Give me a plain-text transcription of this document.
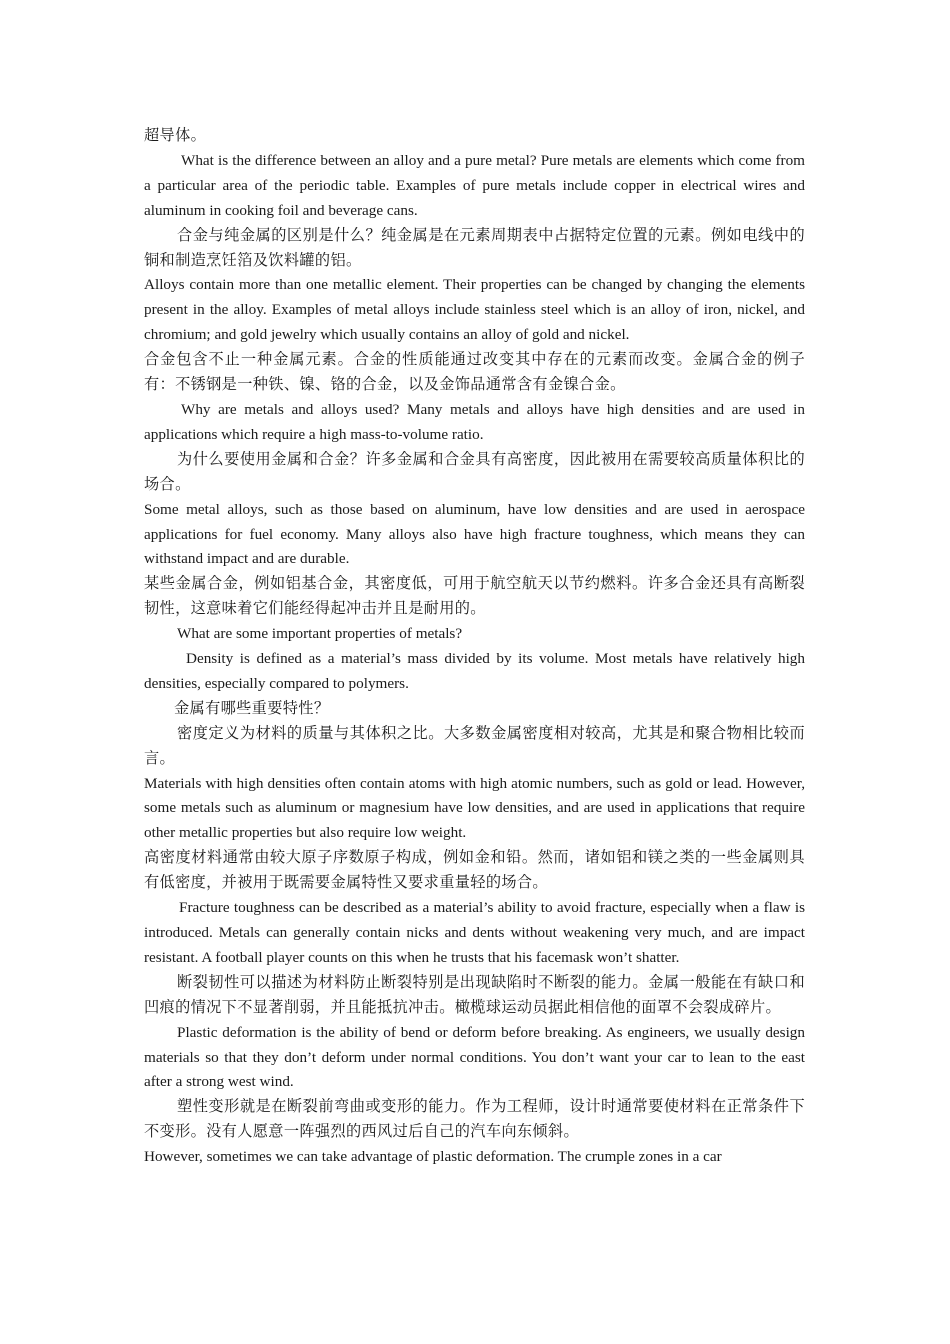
超导体。

What is the difference between an alloy and a pure metal? Pure metals are elements which come from a particular area of the periodic table. Examples of pure metals include copper in electrical wires and aluminum in cooking foil and beverage cans.

合金与纯金属的区别是什么？纯金属是在元素周期表中占据特定位置的元素。例如电线中的铜和制造烹饪箔及饮料罐的铝。

Alloys contain more than one metallic element. Their properties can be changed by changing the elements present in the alloy. Examples of metal alloys include stainless steel which is an alloy of iron, nickel, and chromium; and gold jewelry which usually contains an alloy of gold and nickel.

合金包含不止一种金属元素。合金的性质能通过改变其中存在的元素而改变。金属合金的例子有：不锈钢是一种铁、镍、铬的合金，以及金饰品通常含有金镍合金。

Why are metals and alloys used? Many metals and alloys have high densities and are used in applications which require a high mass-to-volume ratio.

为什么要使用金属和合金？许多金属和合金具有高密度，因此被用在需要较高质量体积比的场合。

Some metal alloys, such as those based on aluminum, have low densities and are used in aerospace applications for fuel economy. Many alloys also have high fracture toughness, which means they can withstand impact and are durable.

某些金属合金，例如铝基合金，其密度低，可用于航空航天以节约燃料。许多合金还具有高断裂韧性，这意味着它们能经得起冲击并且是耐用的。

What are some important properties of metals?

Density is defined as a material’s mass divided by its volume. Most metals have relatively high densities, especially compared to polymers.

金属有哪些重要特性？

密度定义为材料的质量与其体积之比。大多数金属密度相对较高，尤其是和聚合物相比较而言。

Materials with high densities often contain atoms with high atomic numbers, such as gold or lead. However, some metals such as aluminum or magnesium have low densities, and are used in applications that require other metallic properties but also require low weight.

高密度材料通常由较大原子序数原子构成，例如金和铅。然而，诸如铝和镁之类的一些金属则具有低密度，并被用于既需要金属特性又要求重量轻的场合。

Fracture toughness can be described as a material’s ability to avoid fracture, especially when a flaw is introduced. Metals can generally contain nicks and dents without weakening very much, and are impact resistant. A football player counts on this when he trusts that his facemask won’t shatter.

断裂韧性可以描述为材料防止断裂特别是出现缺陷时不断裂的能力。金属一般能在有缺口和凹痕的情况下不显著削弱，并且能抵抗冲击。橄榄球运动员据此相信他的面罩不会裂成碎片。

Plastic deformation is the ability of bend or deform before breaking. As engineers, we usually design materials so that they don’t deform under normal conditions. You don’t want your car to lean to the east after a strong west wind.

塑性变形就是在断裂前弯曲或变形的能力。作为工程师，设计时通常要使材料在正常条件下不变形。没有人愿意一阵强烈的西风过后自己的汽车向东倾斜。

However, sometimes we can take advantage of plastic deformation. The crumple zones in a car
